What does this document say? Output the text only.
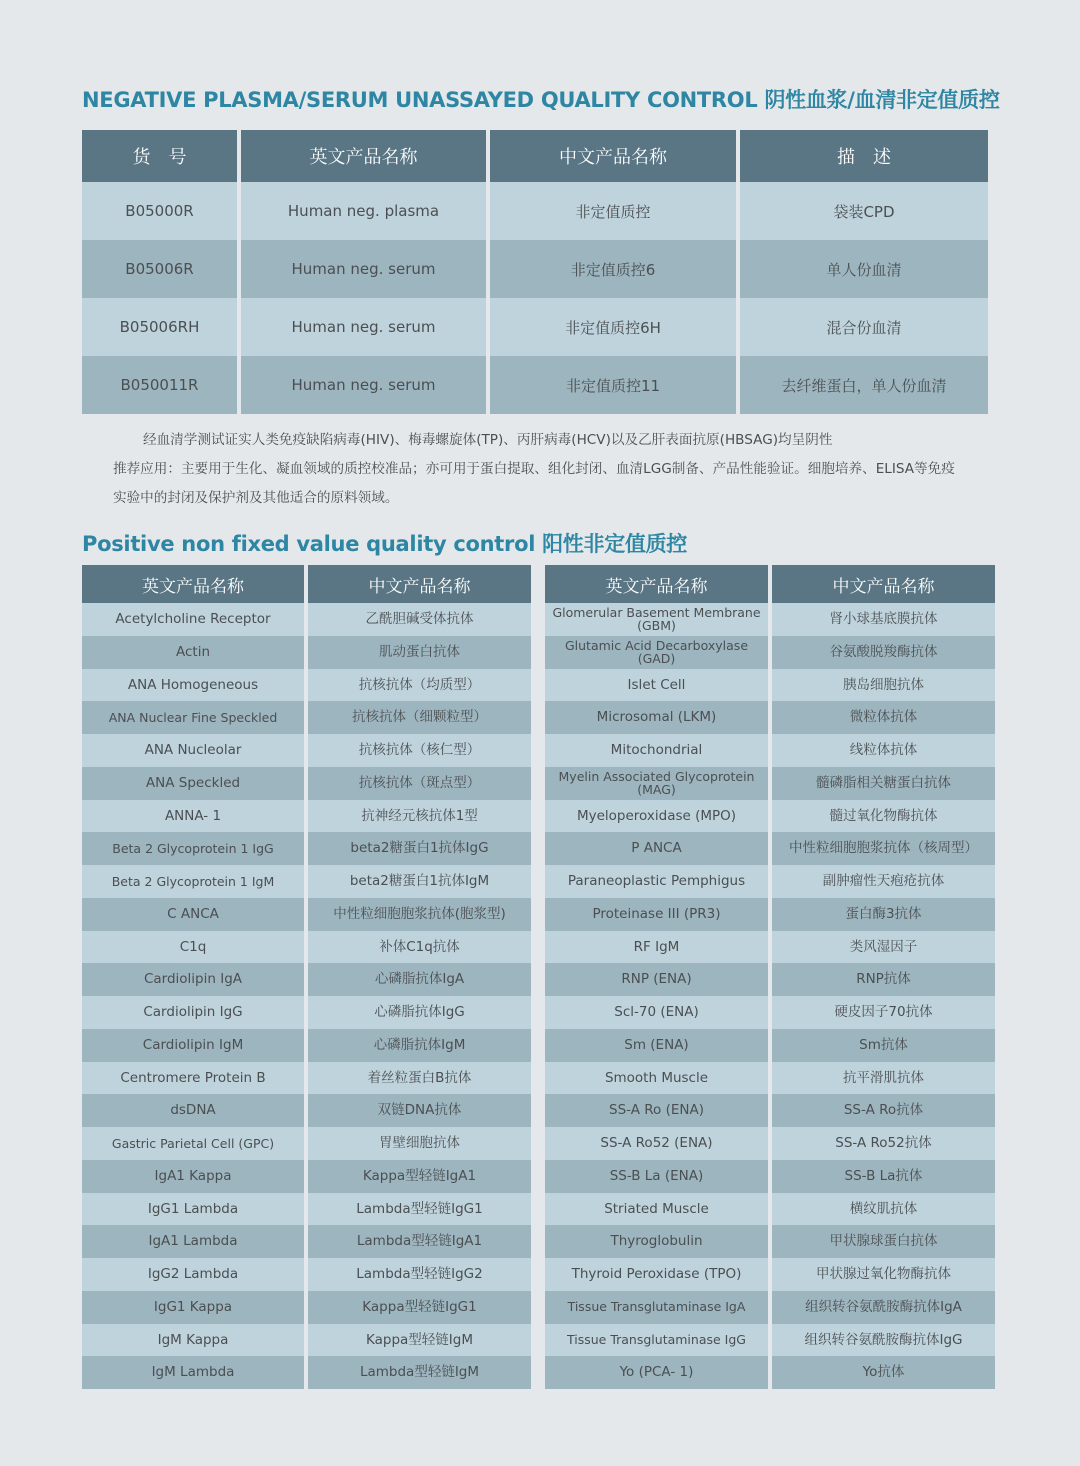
NEGATIVE PLASMA/SERUM UNASSAYED QUALITY CONTROL 阴性血浆/血清非定值质控
货　号	英文产品名称	中文产品名称	描　述
B05000R	Human neg. plasma	非定值质控	袋装CPD
B05006R	Human neg. serum	非定值质控6	单人份血清
B05006RH	Human neg. serum	非定值质控6H	混合份血清
B050011R	Human neg. serum	非定值质控11	去纤维蛋白，单人份血清
经血清学测试证实人类免疫缺陷病毒(HIV)、梅毒螺旋体(TP)、丙肝病毒(HCV)以及乙肝表面抗原(HBSAG)均呈阴性
推荐应用：主要用于生化、凝血领域的质控校准品；亦可用于蛋白提取、组化封闭、血清LGG制备、产品性能验证。细胞培养、ELISA等免疫实验中的封闭及保护剂及其他适合的原料领域。
Positive non fixed value quality control 阳性非定值质控
英文产品名称	中文产品名称
Acetylcholine Receptor	乙酰胆碱受体抗体
Actin	肌动蛋白抗体
ANA Homogeneous	抗核抗体（均质型）
ANA Nuclear Fine Speckled	抗核抗体（细颗粒型）
ANA Nucleolar	抗核抗体（核仁型）
ANA Speckled	抗核抗体（斑点型）
ANNA- 1	抗神经元核抗体1型
Beta 2 Glycoprotein 1 IgG	beta2糖蛋白1抗体IgG
Beta 2 Glycoprotein 1 IgM	beta2糖蛋白1抗体IgM
C ANCA	中性粒细胞胞浆抗体(胞浆型)
C1q	补体C1q抗体
Cardiolipin IgA	心磷脂抗体IgA
Cardiolipin IgG	心磷脂抗体IgG
Cardiolipin IgM	心磷脂抗体IgM
Centromere Protein B	着丝粒蛋白B抗体
dsDNA	双链DNA抗体
Gastric Parietal Cell (GPC)	胃壁细胞抗体
IgA1 Kappa	Kappa型轻链IgA1
IgG1 Lambda	Lambda型轻链IgG1
IgA1 Lambda	Lambda型轻链IgA1
IgG2 Lambda	Lambda型轻链IgG2
IgG1 Kappa	Kappa型轻链IgG1
IgM Kappa	Kappa型轻链IgM
IgM Lambda	Lambda型轻链IgM
英文产品名称	中文产品名称
Glomerular Basement Membrane (GBM)	肾小球基底膜抗体
Glutamic Acid Decarboxylase (GAD)	谷氨酸脱羧酶抗体
Islet Cell	胰岛细胞抗体
Microsomal (LKM)	微粒体抗体
Mitochondrial	线粒体抗体
Myelin Associated Glycoprotein (MAG)	髓磷脂相关糖蛋白抗体
Myeloperoxidase (MPO)	髓过氧化物酶抗体
P ANCA	中性粒细胞胞浆抗体（核周型）
Paraneoplastic Pemphigus	副肿瘤性天疱疮抗体
Proteinase III (PR3)	蛋白酶3抗体
RF IgM	类风湿因子
RNP (ENA)	RNP抗体
Scl-70 (ENA)	硬皮因子70抗体
Sm (ENA)	Sm抗体
Smooth Muscle	抗平滑肌抗体
SS-A Ro (ENA)	SS-A Ro抗体
SS-A Ro52 (ENA)	SS-A Ro52抗体
SS-B La (ENA)	SS-B La抗体
Striated Muscle	横纹肌抗体
Thyroglobulin	甲状腺球蛋白抗体
Thyroid Peroxidase (TPO)	甲状腺过氧化物酶抗体
Tissue Transglutaminase IgA	组织转谷氨酰胺酶抗体IgA
Tissue Transglutaminase IgG	组织转谷氨酰胺酶抗体IgG
Yo (PCA- 1)	Yo抗体
